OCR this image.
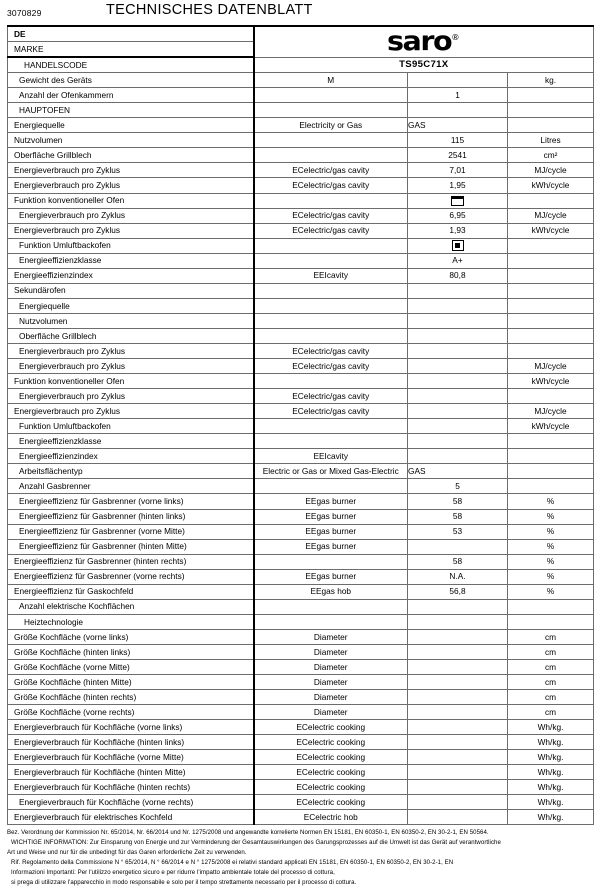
3070829	TECHNISCHES DATENBLATT
DE	saro®
MARKE			
HANDELSCODE	TS95C71X		
Gewicht des Geräts	M		kg.
Anzahl der Ofenkammern		1	
HAUPTOFEN			
Energiequelle	Electricity or Gas	GAS	
Nutzvolumen		115	Litres
Oberfläche Grillblech		2541	cm²
Energieverbrauch pro Zyklus	ECelectric/gas cavity	7,01	MJ/cycle
Energieverbrauch pro Zyklus	ECelectric/gas cavity	1,95	kWh/cycle
Funktion konventioneller Ofen			
Energieverbrauch pro Zyklus	ECelectric/gas cavity	6,95	MJ/cycle
Energieverbrauch pro Zyklus	ECelectric/gas cavity	1,93	kWh/cycle
Funktion Umluftbackofen			
Energieeffizienzklasse		A+	
Energieeffizienzindex	EEIcavity	80,8	
Sekundärofen			
Energiequelle			
Nutzvolumen			
Oberfläche Grillblech			
Energieverbrauch pro Zyklus	ECelectric/gas cavity		
Energieverbrauch pro Zyklus	ECelectric/gas cavity		MJ/cycle
Funktion konventioneller Ofen			kWh/cycle
Energieverbrauch pro Zyklus	ECelectric/gas cavity		
Energieverbrauch pro Zyklus	ECelectric/gas cavity		MJ/cycle
Funktion Umluftbackofen			kWh/cycle
Energieeffizienzklasse			
Energieeffizienzindex	EEIcavity		
Arbeitsflächentyp	Electric or Gas or Mixed Gas-Electric	GAS	
Anzahl Gasbrenner		5	
Energieeffizienz für Gasbrenner (vorne links)	EEgas burner	58	%
Energieeffizienz für Gasbrenner (hinten links)	EEgas burner	58	%
Energieeffizienz für Gasbrenner (vorne Mitte)	EEgas burner	53	%
Energieeffizienz für Gasbrenner (hinten Mitte)	EEgas burner		%
Energieeffizienz für Gasbrenner (hinten rechts)		58	%
Energieeffizienz für Gasbrenner (vorne rechts)	EEgas burner	N.A.	%
Energieeffizienz für Gaskochfeld	EEgas hob	56,8	%
Anzahl elektrische Kochflächen			
Heiztechnologie			
Größe Kochfläche (vorne links)	Diameter		cm
Größe Kochfläche (hinten links)	Diameter		cm
Größe Kochfläche (vorne Mitte)	Diameter		cm
Größe Kochfläche (hinten Mitte)	Diameter		cm
Größe Kochfläche (hinten rechts)	Diameter		cm
Größe Kochfläche (vorne rechts)	Diameter		cm
Energieverbrauch für Kochfläche (vorne links)	ECelectric cooking		Wh/kg.
Energieverbrauch für Kochfläche (hinten links)	ECelectric cooking		Wh/kg.
Energieverbrauch für Kochfläche (vorne Mitte)	ECelectric cooking		Wh/kg.
Energieverbrauch für Kochfläche (hinten Mitte)	ECelectric cooking		Wh/kg.
Energieverbrauch für Kochfläche (hinten rechts)	ECelectric cooking		Wh/kg.
Energieverbrauch für Kochfläche (vorne rechts)	ECelectric cooking		Wh/kg.
Energieverbrauch für elektrisches Kochfeld	ECelectric hob		Wh/kg.

Bez. Verordnung der Kommission Nr. 65/2014, Nr. 66/2014 und Nr. 1275/2008 und angewandte korrelierte Normen EN 15181, EN 60350-1, EN 60350-2, EN 30-2-1, EN 50564.

WICHTIGE INFORMATION: Zur Einsparung von Energie und zur Verminderung der Gesamtauswirkungen des Garungsprozesses auf die Umwelt ist das Gerät auf verantwortliche

Art und Weise und nur für die unbedingt für das Garen erforderliche Zeit zu verwenden.

Rif. Regolamento della Commissione N ° 65/2014, N ° 66/2014 e N ° 1275/2008 ei relativi standard applicati EN 15181, EN 60350-1, EN 60350-2, EN 30-2-1, EN

Informazioni Importanti: Per l'utilizzo energetico sicuro e per ridurre l'impatto ambientale totale del processo di cottura,

si prega di utilizzare l'apparecchio in modo responsabile e solo per il tempo strettamente necessario per il processo di cottura.
